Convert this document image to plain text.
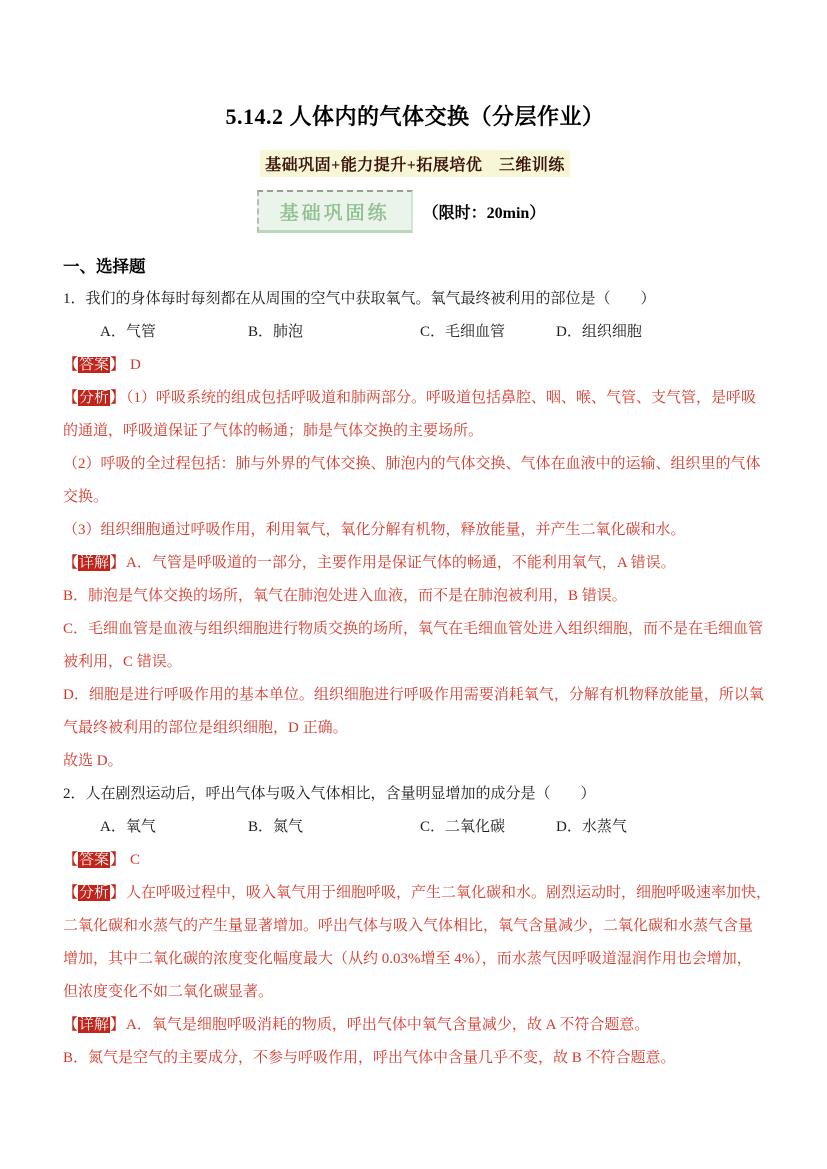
5.14.2 人体内的气体交换（分层作业）
基础巩固+能力提升+拓展培优　三维训练
基础巩固练	（限时：20min）
一、选择题
1．我们的身体每时每刻都在从周围的空气中获取氧气。氧气最终被利用的部位是（　　）
A．气管	B．肺泡	C．毛细血管	D．组织细胞
【答案】 D
【分析】（1）呼吸系统的组成包括呼吸道和肺两部分。呼吸道包括鼻腔、咽、喉、气管、支气管，是呼吸
的通道，呼吸道保证了气体的畅通；肺是气体交换的主要场所。
（2）呼吸的全过程包括：肺与外界的气体交换、肺泡内的气体交换、气体在血液中的运输、组织里的气体
交换。
（3）组织细胞通过呼吸作用，利用氧气，氧化分解有机物，释放能量，并产生二氧化碳和水。
【详解】A．气管是呼吸道的一部分，主要作用是保证气体的畅通，不能利用氧气，A 错误。
B．肺泡是气体交换的场所，氧气在肺泡处进入血液，而不是在肺泡被利用，B 错误。
C．毛细血管是血液与组织细胞进行物质交换的场所，氧气在毛细血管处进入组织细胞，而不是在毛细血管
被利用，C 错误。
D．细胞是进行呼吸作用的基本单位。组织细胞进行呼吸作用需要消耗氧气，分解有机物释放能量，所以氧
气最终被利用的部位是组织细胞，D 正确。
故选 D。
2．人在剧烈运动后，呼出气体与吸入气体相比，含量明显增加的成分是（　　）
A．氧气	B．氮气	C．二氧化碳	D．水蒸气
【答案】 C
【分析】人在呼吸过程中，吸入氧气用于细胞呼吸，产生二氧化碳和水。剧烈运动时，细胞呼吸速率加快，
二氧化碳和水蒸气的产生量显著增加。呼出气体与吸入气体相比，氧气含量减少，二氧化碳和水蒸气含量
增加，其中二氧化碳的浓度变化幅度最大（从约 0.03%增至 4%），而水蒸气因呼吸道湿润作用也会增加，
但浓度变化不如二氧化碳显著。
【详解】A．氧气是细胞呼吸消耗的物质，呼出气体中氧气含量减少，故 A 不符合题意。
B．氮气是空气的主要成分，不参与呼吸作用，呼出气体中含量几乎不变，故 B 不符合题意。
